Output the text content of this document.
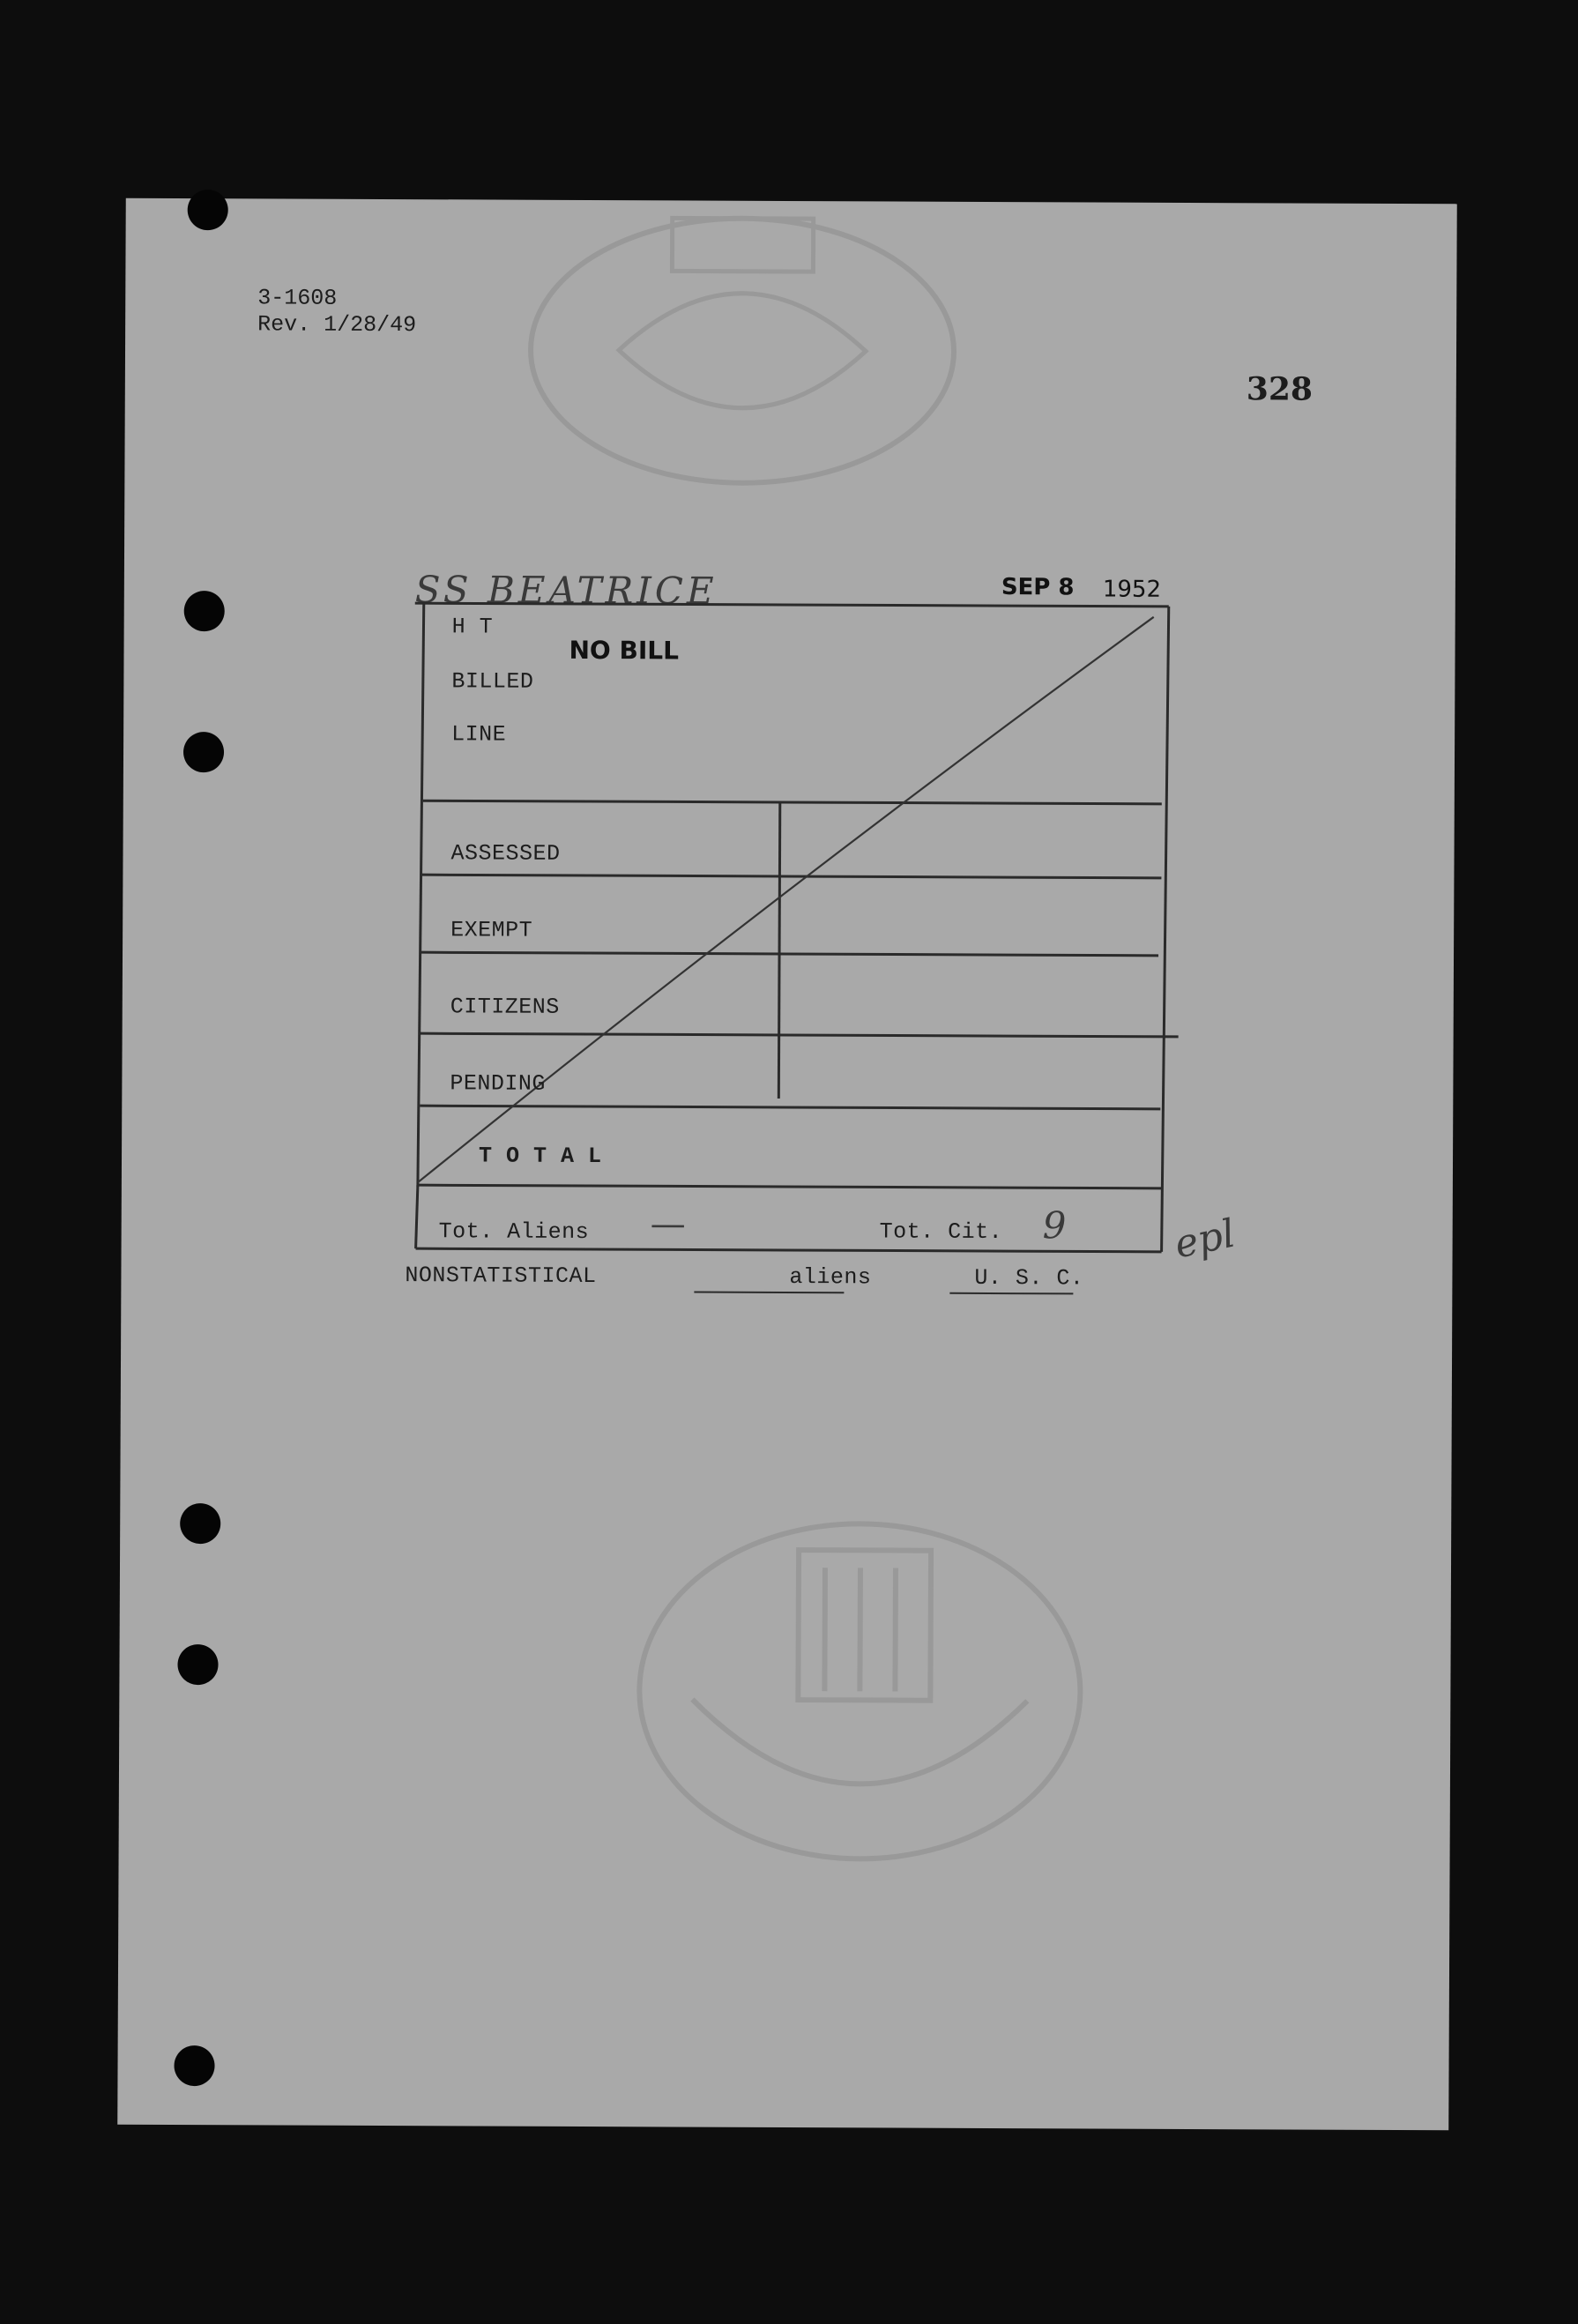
3-1608
Rev. 1/28/49
328
SS BEATRICE	SEP 8 1952
H T
BILLED
LINE
NO BILL
ASSESSED
EXEMPT
CITIZENS
PENDING
T O T A L
Tot. Aliens —	Tot. Cit. 9	epl
NONSTATISTICAL	aliens	U. S. C.
